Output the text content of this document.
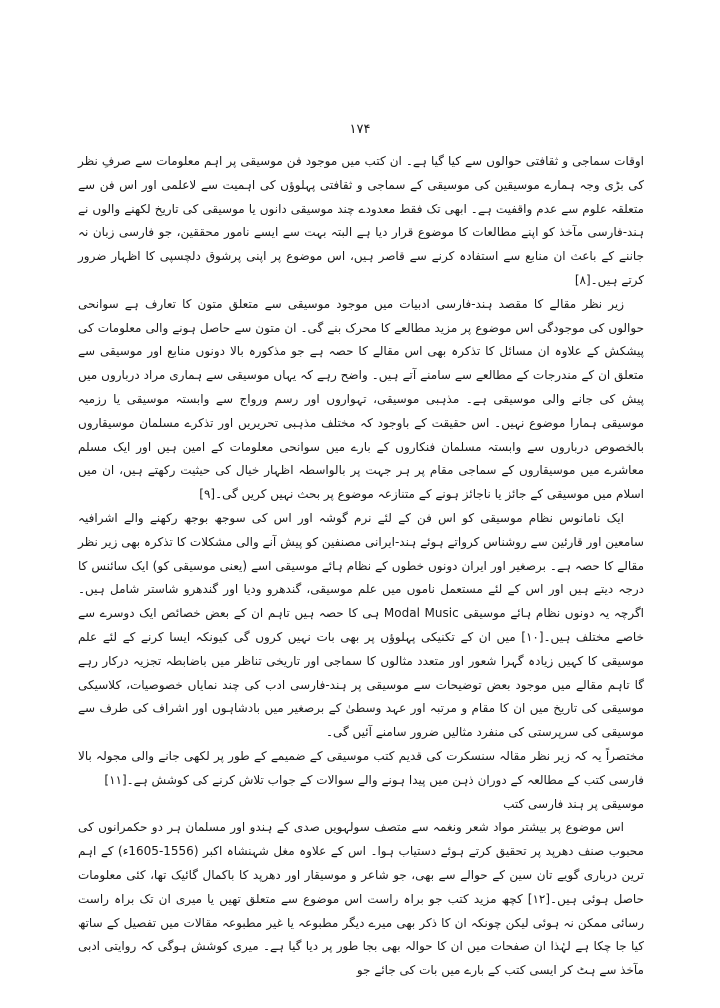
۱۷۴

اوقات سماجی و ثقافتی حوالوں سے کیا گیا ہے۔ ان کتب میں موجود فن موسیقی پر اہم معلومات سے صرفِ نظر کی بڑی وجہ ہمارے موسیقین کی موسیقی کے سماجی و ثقافتی پہلوؤں کی اہمیت سے لاعلمی اور اس فن سے متعلقہ علوم سے عدم واقفیت ہے۔ ابھی تک فقط معدودے چند موسیقی دانوں یا موسیقی کی تاریخ لکھنے والوں نے ہند-فارسی مآخذ کو اپنے مطالعات کا موضوع قرار دیا ہے البتہ بہت سے ایسے نامور محققین، جو فارسی زبان نہ جاننے کے باعث ان منابع سے استفادہ کرنے سے قاصر ہیں، اس موضوع پر اپنی پرشوق دلچسپی کا اظہار ضرور کرتے ہیں۔[۸]

زیر نظر مقالے کا مقصد ہند-فارسی ادبیات میں موجود موسیقی سے متعلق متون کا تعارف ہے سوانحی حوالوں کی موجودگی اس موضوع پر مزید مطالعے کا محرک بنے گی۔ ان متون سے حاصل ہونے والی معلومات کی پیشکش کے علاوہ ان مسائل کا تذکرہ بھی اس مقالے کا حصہ ہے جو مذکورہ بالا دونوں منابع اور موسیقی سے متعلق ان کے مندرجات کے مطالعے سے سامنے آتے ہیں۔ واضح رہے کہ یہاں موسیقی سے ہماری مراد درباروں میں پیش کی جانے والی موسیقی ہے۔ مذہبی موسیقی، تہواروں اور رسم ورواج سے وابستہ موسیقی یا رزمیہ موسیقی ہمارا موضوع نہیں۔ اس حقیقت کے باوجود کہ مختلف مذہبی تحریریں اور تذکرے مسلمان موسیقاروں بالخصوص درباروں سے وابستہ مسلمان فنکاروں کے بارے میں سوانحی معلومات کے امین ہیں اور ایک مسلم معاشرے میں موسیقاروں کے سماجی مقام پر ہر جہت پر بالواسطہ اظہار خیال کی حیثیت رکھتے ہیں، ان میں اسلام میں موسیقی کے جائز یا ناجائز ہونے کے متنازعہ موضوع پر بحث نہیں کریں گی۔[۹]

ایک نامانوس نظام موسیقی کو اس فن کے لئے نرم گوشہ اور اس کی سوجھ بوجھ رکھنے والے اشرافیہ سامعین اور قارئین سے روشناس کرواتے ہوئے ہند-ایرانی مصنفین کو پیش آنے والی مشکلات کا تذکرہ بھی زیر نظر مقالے کا حصہ ہے۔ برصغیر اور ایران دونوں خطوں کے نظام ہائے موسیقی اسے (یعنی موسیقی کو) ایک سائنس کا درجہ دیتے ہیں اور اس کے لئے مستعمل ناموں میں علم موسیقی، گندھرو ودیا اور گندھرو شاستر شامل ہیں۔ اگرچہ یہ دونوں نظام ہائے موسیقی Modal Music ہی کا حصہ ہیں تاہم ان کے بعض خصائص ایک دوسرے سے خاصے مختلف ہیں۔[۱۰] میں ان کے تکنیکی پہلوؤں پر بھی بات نہیں کروں گی کیونکہ ایسا کرنے کے لئے علم موسیقی کا کہیں زیادہ گہرا شعور اور متعدد مثالوں کا سماجی اور تاریخی تناظر میں باضابطہ تجزیہ درکار رہے گا تاہم مقالے میں موجود بعض توضیحات سے موسیقی پر ہند-فارسی ادب کی چند نمایاں خصوصیات، کلاسیکی موسیقی کی تاریخ میں ان کا مقام و مرتبہ اور عہد وسطیٰ کے برصغیر میں بادشاہوں اور اشراف کی طرف سے موسیقی کی سرپرستی کی منفرد مثالیں ضرور سامنے آئیں گی۔

مختصراً یہ کہ زیر نظر مقالہ سنسکرت کی قدیم کتب موسیقی کے ضمیمے کے طور پر لکھی جانے والی مجولہ بالا فارسی کتب کے مطالعہ کے دوران ذہن میں پیدا ہونے والے سوالات کے جواب تلاش کرنے کی کوشش ہے۔[۱۱]

موسیقی پر ہند فارسی کتب

اس موضوع پر بیشتر مواد شعر ونغمہ سے متصف سولہویں صدی کے ہندو اور مسلمان ہر دو حکمرانوں کی محبوب صنف دھرپد پر تحقیق کرتے ہوئے دستیاب ہوا۔ اس کے علاوہ مغل شہنشاہ اکبر (1556-1605ء) کے اہم ترین درباری گویے تان سین کے حوالے سے بھی، جو شاعر و موسیقار اور دھرپد کا باکمال گائیک تھا، کئی معلومات حاصل ہوئی ہیں۔[۱۲] کچھ مزید کتب جو براہ راست اس موضوع سے متعلق تھیں یا میری ان تک براہ راست رسائی ممکن نہ ہوئی لیکن چونکہ ان کا ذکر بھی میرے دیگر مطبوعہ یا غیر مطبوعہ مقالات میں تفصیل کے ساتھ کیا جا چکا ہے لہٰذا ان صفحات میں ان کا حوالہ بھی بجا طور پر دیا گیا ہے۔ میری کوشش ہوگی کہ روایتی ادبی مآخذ سے ہٹ کر ایسی کتب کے بارے میں بات کی جائے جو
